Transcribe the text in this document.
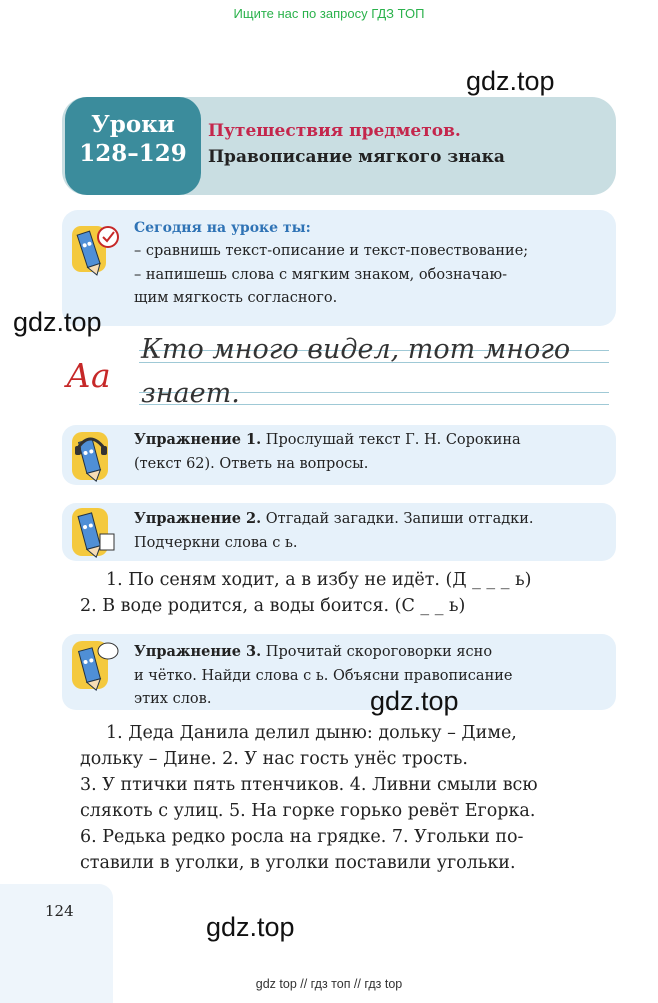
Ищите нас по запросу ГДЗ ТОП
gdz.top
Уроки
128–129
Путешествия предметов.
Правописание мягкого знака
Сегодня на уроке ты:
– сравнишь текст-описание и текст-повествование;
– напишешь слова с мягким знаком, обозначаю-
щим мягкость согласного.
gdz.top
Аа
Кто много видел, тот много
знает.
Упражнение 1. Прослушай текст Г. Н. Сорокина
(текст 62). Ответь на вопросы.
Упражнение 2. Отгадай загадки. Запиши отгадки.
Подчеркни слова с ь.
1. По сеням ходит, а в избу не идёт. (Д _ _ _ ь)
2. В воде родится, а воды боится. (С _ _ ь)
Упражнение 3. Прочитай скороговорки ясно
и чётко. Найди слова с ь. Объясни правописание
этих слов.	gdz.top
1. Деда Данила делил дыню: дольку – Диме,
дольку – Дине. 2. У нас гость унёс трость.
3. У птички пять птенчиков. 4. Ливни смыли всю
слякоть с улиц. 5. На горке горько ревёт Егорка.
6. Редька редко росла на грядке. 7. Угольки по-
ставили в уголки, в уголки поставили угольки.
124
gdz.top
gdz top // гдз топ // гдз top
